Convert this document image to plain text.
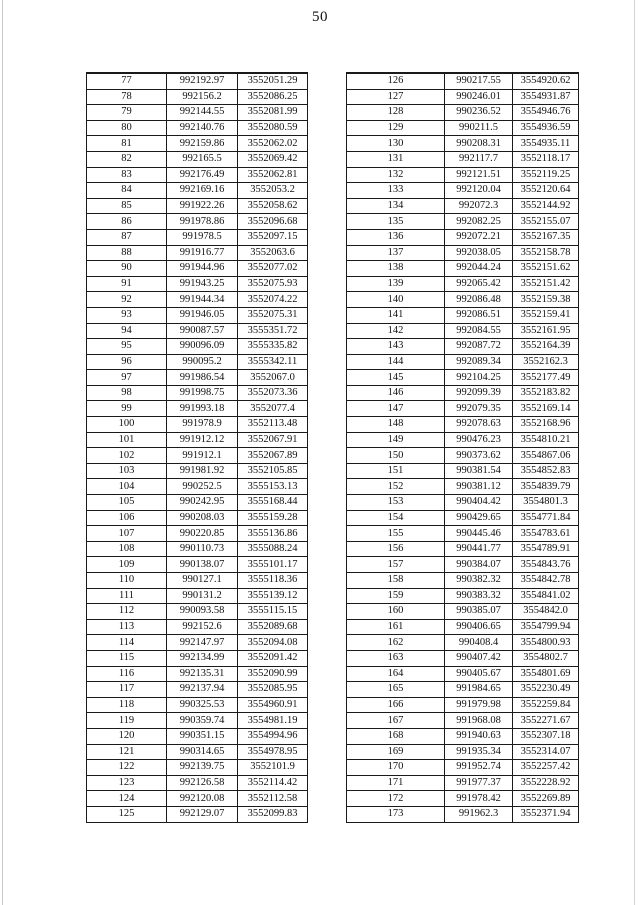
50
77	992192.97	3552051.29
78	992156.2	3552086.25
79	992144.55	3552081.99
80	992140.76	3552080.59
81	992159.86	3552062.02
82	992165.5	3552069.42
83	992176.49	3552062.81
84	992169.16	3552053.2
85	991922.26	3552058.62
86	991978.86	3552096.68
87	991978.5	3552097.15
88	991916.77	3552063.6
90	991944.96	3552077.02
91	991943.25	3552075.93
92	991944.34	3552074.22
93	991946.05	3552075.31
94	990087.57	3555351.72
95	990096.09	3555335.82
96	990095.2	3555342.11
97	991986.54	3552067.0
98	991998.75	3552073.36
99	991993.18	3552077.4
100	991978.9	3552113.48
101	991912.12	3552067.91
102	991912.1	3552067.89
103	991981.92	3552105.85
104	990252.5	3555153.13
105	990242.95	3555168.44
106	990208.03	3555159.28
107	990220.85	3555136.86
108	990110.73	3555088.24
109	990138.07	3555101.17
110	990127.1	3555118.36
111	990131.2	3555139.12
112	990093.58	3555115.15
113	992152.6	3552089.68
114	992147.97	3552094.08
115	992134.99	3552091.42
116	992135.31	3552090.99
117	992137.94	3552085.95
118	990325.53	3554960.91
119	990359.74	3554981.19
120	990351.15	3554994.96
121	990314.65	3554978.95
122	992139.75	3552101.9
123	992126.58	3552114.42
124	992120.08	3552112.58
125	992129.07	3552099.83
126	990217.55	3554920.62
127	990246.01	3554931.87
128	990236.52	3554946.76
129	990211.5	3554936.59
130	990208.31	3554935.11
131	992117.7	3552118.17
132	992121.51	3552119.25
133	992120.04	3552120.64
134	992072.3	3552144.92
135	992082.25	3552155.07
136	992072.21	3552167.35
137	992038.05	3552158.78
138	992044.24	3552151.62
139	992065.42	3552151.42
140	992086.48	3552159.38
141	992086.51	3552159.41
142	992084.55	3552161.95
143	992087.72	3552164.39
144	992089.34	3552162.3
145	992104.25	3552177.49
146	992099.39	3552183.82
147	992079.35	3552169.14
148	992078.63	3552168.96
149	990476.23	3554810.21
150	990373.62	3554867.06
151	990381.54	3554852.83
152	990381.12	3554839.79
153	990404.42	3554801.3
154	990429.65	3554771.84
155	990445.46	3554783.61
156	990441.77	3554789.91
157	990384.07	3554843.76
158	990382.32	3554842.78
159	990383.32	3554841.02
160	990385.07	3554842.0
161	990406.65	3554799.94
162	990408.4	3554800.93
163	990407.42	3554802.7
164	990405.67	3554801.69
165	991984.65	3552230.49
166	991979.98	3552259.84
167	991968.08	3552271.67
168	991940.63	3552307.18
169	991935.34	3552314.07
170	991952.74	3552257.42
171	991977.37	3552228.92
172	991978.42	3552269.89
173	991962.3	3552371.94
